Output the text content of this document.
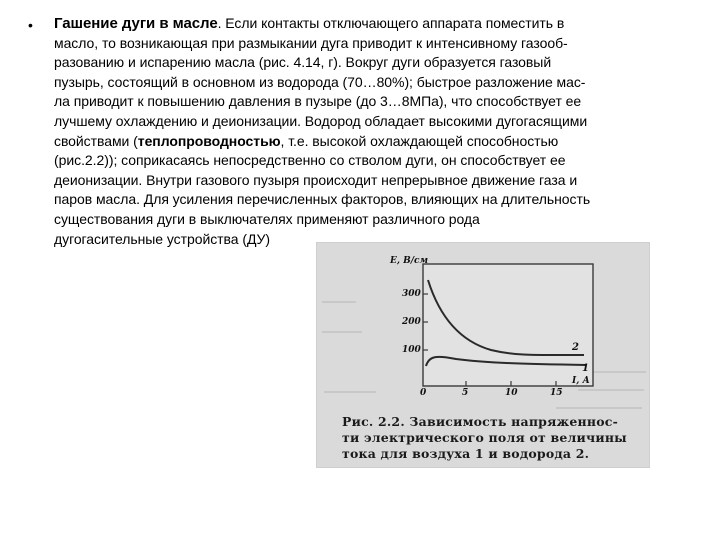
• Гашение дуги в масле. Если контакты отключающего аппарата поместить в
масло, то возникающая при размыкании дуга приводит к интенсивному газооб-
разованию и испарению масла (рис. 4.14, г). Вокруг дуги образуется газовый
пузырь, состоящий в основном из водорода (70…80%); быстрое разложение мас-
ла приводит к повышению давления в пузыре (до 3…8МПа), что способствует ее
лучшему охлаждению и деионизации. Водород обладает высокими дугогасящими
свойствами (теплопроводностью, т.е. высокой охлаждающей способностью
(рис.2.2)); соприкасаясь непосредственно со стволом дуги, он способствует ее
деионизации. Внутри газового пузыря происходит непрерывное движение газа и
паров масла. Для усиления перечисленных факторов, влияющих на длительность
существования дуги в выключателях применяют различного рода
дугогасительные устройства (ДУ)
E, В/см
300
200
100
0	5	10	15
I, А
2
1
Рис. 2.2. Зависимость напряженнос-
ти электрического поля от величины
тока для воздуха 1 и водорода 2.
